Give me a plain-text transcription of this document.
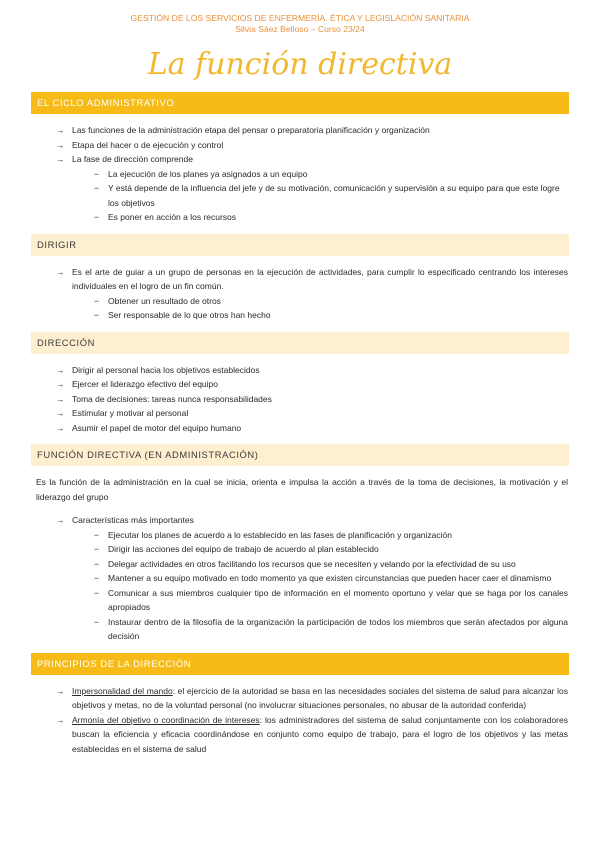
GESTIÓN DE LOS SERVICIOS DE ENFERMERÍA. ÉTICA Y LEGISLACIÓN SANITARIA
Silvia Sáez Belloso – Curso 23/24
La función directiva
EL CICLO ADMINISTRATIVO
→ Las funciones de la administración etapa del pensar o preparatoria planificación y organización
→ Etapa del hacer o de ejecución y control
→ La fase de dirección comprende
−	La ejecución de los planes ya asignados a un equipo
−	Y está depende de la influencia del jefe y de su motivación, comunicación y supervisión a su equipo para que este logre los objetivos
−	Es poner en acción a los recursos
DIRIGIR
→ Es el arte de guiar a un grupo de personas en la ejecución de actividades, para cumplir lo especificado centrando los intereses individuales en el logro de un fin común.
−	Obtener un resultado de otros
−	Ser responsable de lo que otros han hecho
DIRECCIÓN
→ Dirigir al personal hacia los objetivos establecidos
→ Ejercer el liderazgo efectivo del equipo
→ Toma de decisiones: tareas nunca responsabilidades
→ Estimular y motivar al personal
→ Asumir el papel de motor del equipo humano
FUNCIÓN DIRECTIVA (EN ADMINISTRACIÓN)
Es la función de la administración en la cual se inicia, orienta e impulsa la acción a través de la toma de decisiones, la motivación y el liderazgo del grupo
→ Características más importantes
−	Ejecutar los planes de acuerdo a lo establecido en las fases de planificación y organización
−	Dirigir las acciones del equipo de trabajo de acuerdo al plan establecido
−	Delegar actividades en otros facilitando los recursos que se necesiten y velando por la efectividad de su uso
−	Mantener a su equipo motivado en todo momento ya que existen circunstancias que pueden hacer caer el dinamismo
−	Comunicar a sus miembros cualquier tipo de información en el momento oportuno y velar que se haga por los canales apropiados
−	Instaurar dentro de la filosofía de la organización la participación de todos los miembros que serán afectados por alguna decisión
PRINCIPIOS DE LA DIRECCIÓN
→ Impersonalidad del mando: el ejercicio de la autoridad se basa en las necesidades sociales del sistema de salud para alcanzar los objetivos y metas, no de la voluntad personal (no involucrar situaciones personales, no abusar de la autoridad conferida)
→ Armonía del objetivo o coordinación de intereses: los administradores del sistema de salud conjuntamente con los colaboradores buscan la eficiencia y eficacia coordinándose en conjunto como equipo de trabajo, para el logro de los objetivos y las metas establecidas en el sistema de salud
